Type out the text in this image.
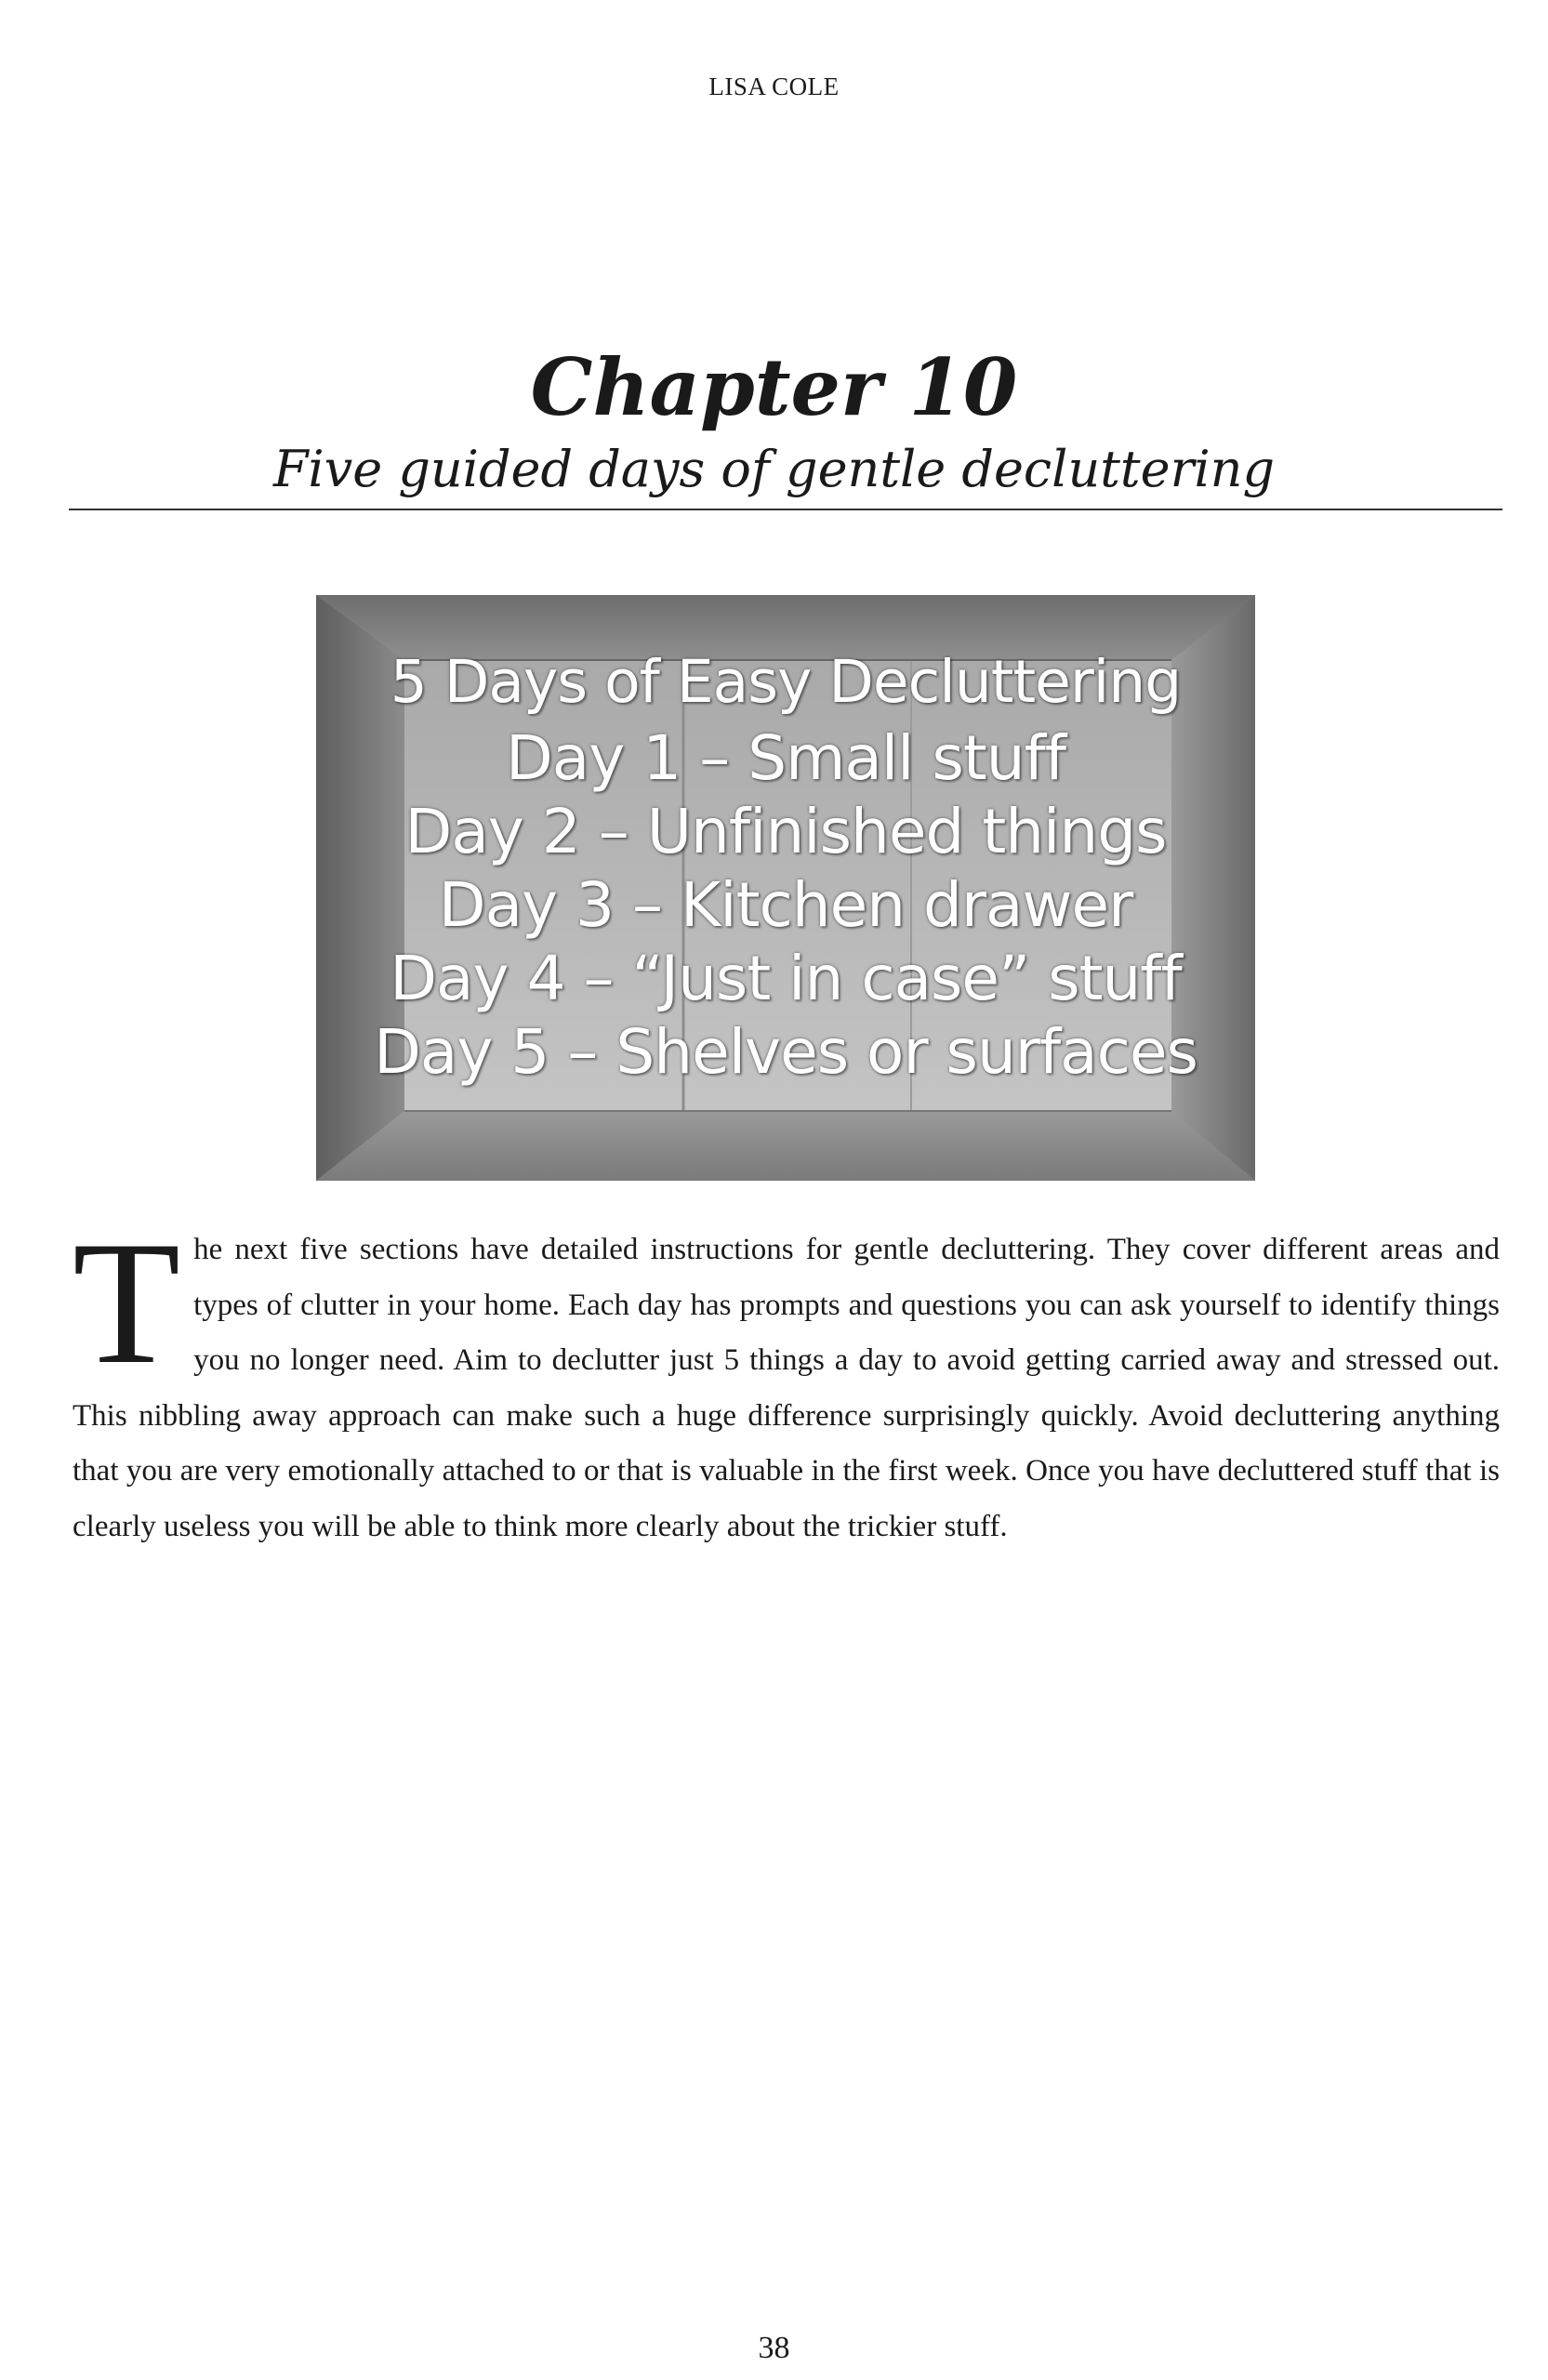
LISA COLE
Chapter 10
Five guided days of gentle decluttering
5 Days of Easy Decluttering
Day 1 – Small stuff
Day 2 – Unfinished things
Day 3 – Kitchen drawer
Day 4 – “Just in case” stuff
Day 5 – Shelves or surfaces
The next five sections have detailed instructions for gentle decluttering. They cover different areas and types of clutter in your home. Each day has prompts and questions you can ask yourself to identify things you no longer need. Aim to declutter just 5 things a day to avoid getting carried away and stressed out. This nibbling away approach can make such a huge difference surprisingly quickly. Avoid decluttering anything that you are very emotionally attached to or that is valuable in the first week. Once you have decluttered stuff that is clearly useless you will be able to think more clearly about the trickier stuff.
38
